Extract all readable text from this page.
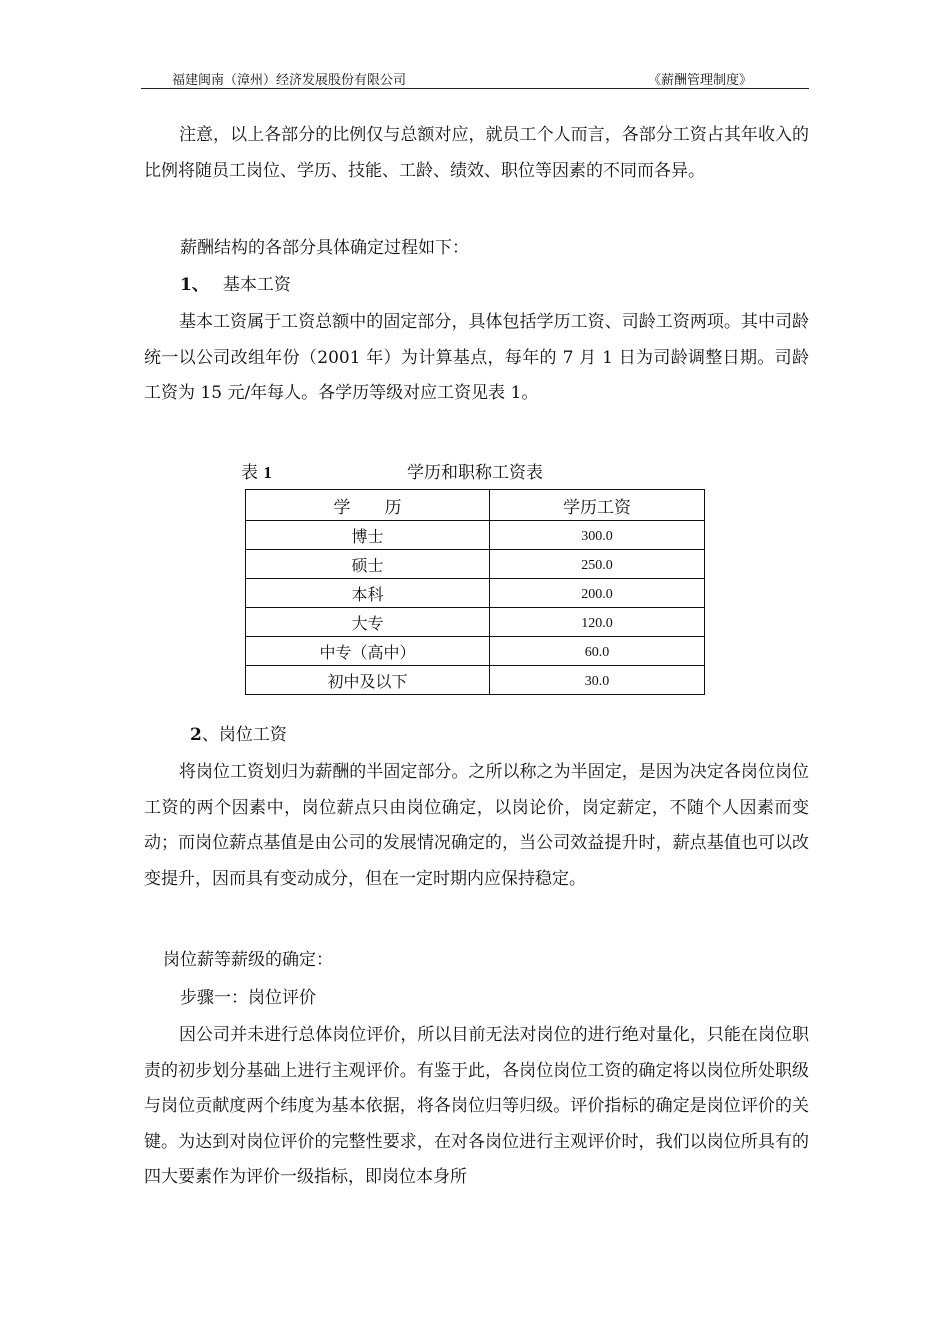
福建闽南（漳州）经济发展股份有限公司	《薪酬管理制度》

注意，以上各部分的比例仅与总额对应，就员工个人而言，各部分工资占其年收入的比例将随员工岗位、学历、技能、工龄、绩效、职位等因素的不同而各异。

薪酬结构的各部分具体确定过程如下：
1、 基本工资

基本工资属于工资总额中的固定部分，具体包括学历工资、司龄工资两项。其中司龄统一以公司改组年份（2001 年）为计算基点，每年的 7 月 1 日为司龄调整日期。司龄工资为 15 元/年每人。各学历等级对应工资见表 1。

表 1	学历和职称工资表
学　　历	学历工资
博士	300.0
硕士	250.0
本科	200.0
大专	120.0
中专（高中）	60.0
初中及以下	30.0
2、岗位工资

将岗位工资划归为薪酬的半固定部分。之所以称之为半固定，是因为决定各岗位岗位工资的两个因素中，岗位薪点只由岗位确定，以岗论价，岗定薪定，不随个人因素而变动；而岗位薪点基值是由公司的发展情况确定的，当公司效益提升时，薪点基值也可以改变提升，因而具有变动成分，但在一定时期内应保持稳定。

岗位薪等薪级的确定：
步骤一：岗位评价

因公司并未进行总体岗位评价，所以目前无法对岗位的进行绝对量化，只能在岗位职责的初步划分基础上进行主观评价。有鉴于此，各岗位岗位工资的确定将以岗位所处职级与岗位贡献度两个纬度为基本依据，将各岗位归等归级。评价指标的确定是岗位评价的关键。为达到对岗位评价的完整性要求，在对各岗位进行主观评价时，我们以岗位所具有的四大要素作为评价一级指标，即岗位本身所
